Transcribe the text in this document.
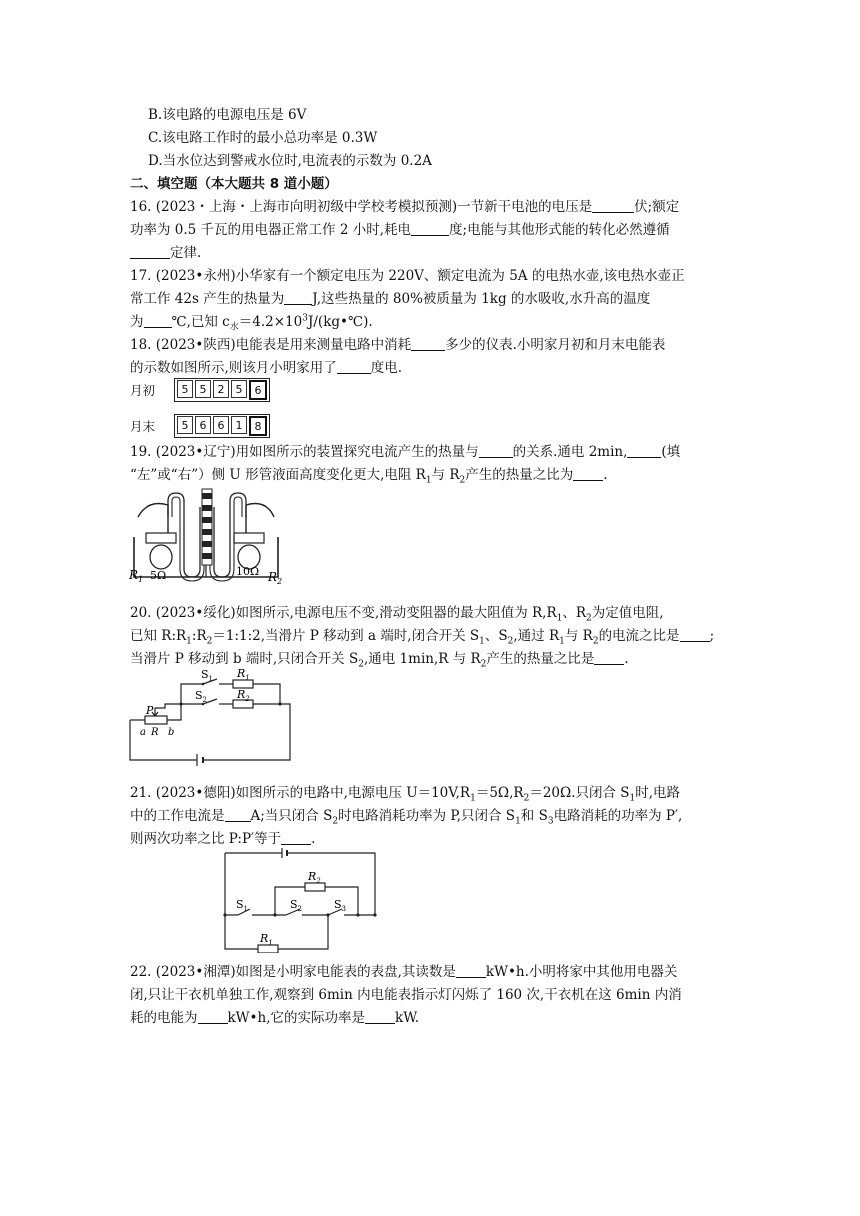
B.该电路的电源电压是 6V
C.该电路工作时的最小总功率是 0.3W
D.当水位达到警戒水位时,电流表的示数为 0.2A
二、填空题（本大题共 8 道小题）
16. (2023・上海・上海市向明初级中学校考模拟预测)一节新干电池的电压是	伏;额定
功率为 0.5 千瓦的用电器正常工作 2 小时,耗电	度;电能与其他形式能的转化必然遵循
定律.
17. (2023•永州)小华家有一个额定电压为 220V、额定电流为 5A 的电热水壶,该电热水壶正
常工作 42s 产生的热量为 J,这些热量的 80%被质量为 1kg 的水吸收,水升高的温度
为 ℃,已知 $c_水=4.2\times 10^3J/(kg•℃)$.
18. (2023•陕西)电能表是用来测量电路中消耗	多少的仪表.小明家月初和月末电能表
的示数如图所示,则该月小明家用了	度电.
月初	5	5	2	5	6
月末	5	6	6	1	8
19. (2023•辽宁)用如图所示的装置探究电流产生的热量与	的关系.通电 2min,	(填
“左”或“右”）侧 U 形管液面高度变化更大,电阻 $R_1$与 $R_2$产生的热量之比为 .
$R_1$ 5Ω	10Ω $R_2$
20. (2023•绥化)如图所示,电源电压不变,滑动变阻器的最大阻值为 $R,R_1$、$R_2$为定值电阻,
已知 $R:R_1:R_2=1:1:2$,当滑片 P 移动到 a 端时,闭合开关 $S_1$、$S_2$,通过 $R_1$与 $R_2$的电流之比是 ;
当滑片 P 移动到 b 端时,只闭合开关 $S_2$,通电 1min,R 与 $R_2$产生的热量之比是 .
$S_1$ $R_1$
$S_2$	$R_2$
P
a R b
21. (2023•德阳)如图所示的电路中,电源电压 $U=10V,R_1=5\Omega,R_2=20\Omega$.只闭合 $S_1$时,电路
中的工作电流是 A;当只闭合 $S_2$时电路消耗功率为 P,只闭合 $S_1$和 $S_3$电路消耗的功率为 P′,
则两次功率之比 P:P′等于 .
$R_2$
$S_1$	$S_2$	$S_3$
$R_1$
22. (2023•湘潭)如图是小明家电能表的表盘,其读数是 kW•h.小明将家中其他用电器关
闭,只让干衣机单独工作,观察到 6min 内电能表指示灯闪烁了 160 次,干衣机在这 6min 内消
耗的电能为 kW•h,它的实际功率是 kW.
